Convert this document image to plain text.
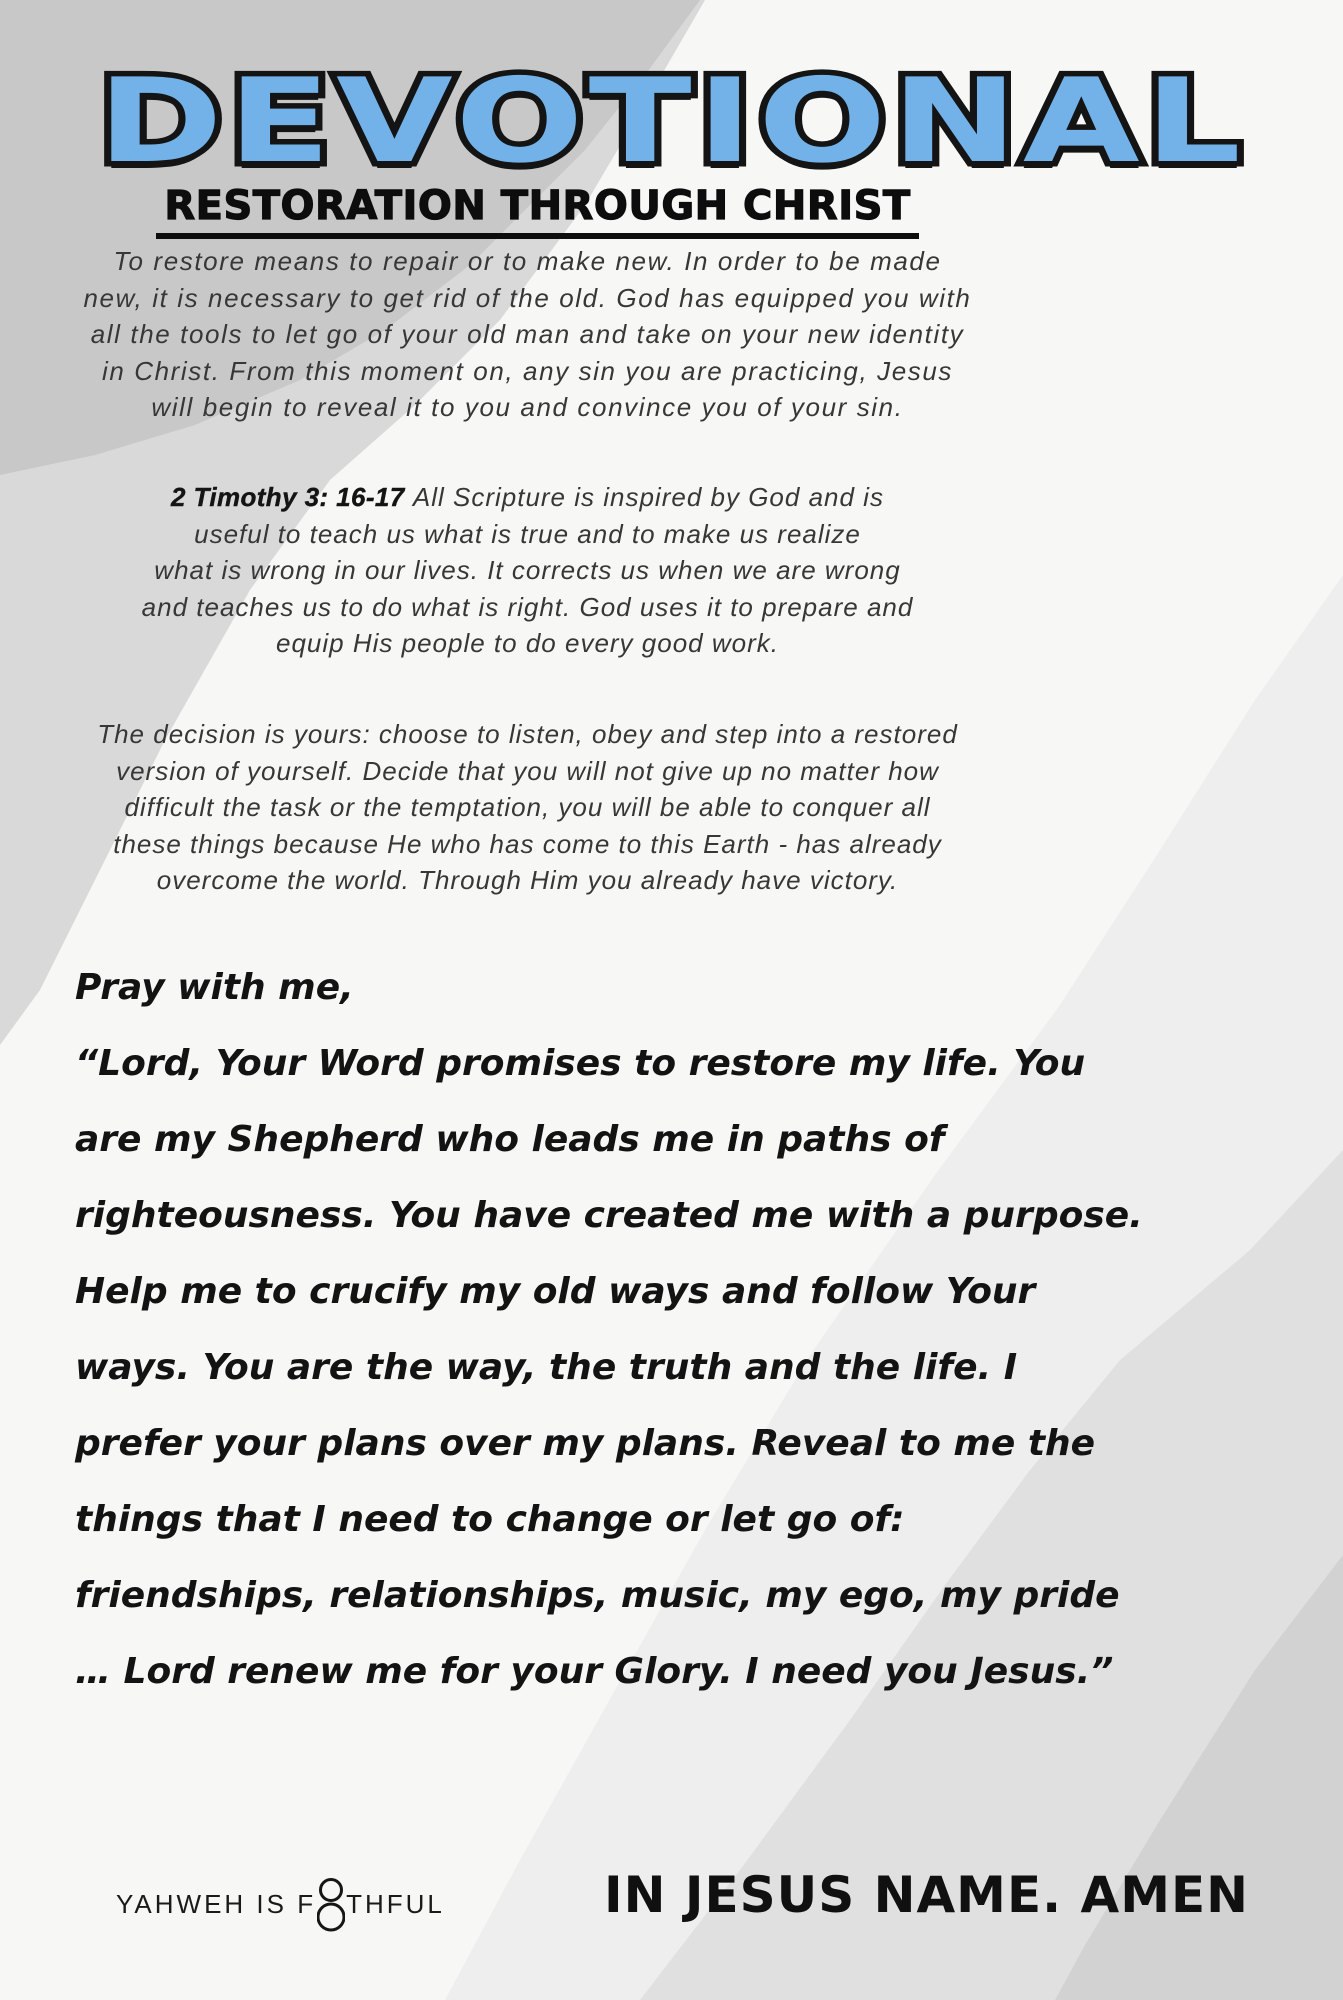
DEVOTIONAL
RESTORATION THROUGH CHRIST
To restore means to repair or to make new. In order to be made
new, it is necessary to get rid of the old. God has equipped you with
all the tools to let go of your old man and take on your new identity
in Christ. From this moment on, any sin you are practicing, Jesus
will begin to reveal it to you and convince you of your sin.
2 Timothy 3: 16-17
All Scripture is inspired by God and is
useful to teach us what is true and to make us realize
what is wrong in our lives. It corrects us when we are wrong
and teaches us to do what is right. God uses it to prepare and
equip His people to do every good work.
The decision is yours: choose to listen, obey and step into a restored
version of yourself. Decide that you will not give up no matter how
difficult the task or the temptation, you will be able to conquer all
these things because He who has come to this Earth - has already
overcome the world. Through Him you already have victory.
Pray with me,
“Lord, Your Word promises to restore my life. You
are my Shepherd who leads me in paths of
righteousness. You have created me with a purpose.
Help me to crucify my old ways and follow Your
ways. You are the way, the truth and the life. I
prefer your plans over my plans. Reveal to me the
things that I need to change or let go of:
friendships, relationships, music, my ego, my pride
… Lord renew me for your Glory. I need you Jesus.”
YAHWEH IS F THFUL	IN JESUS NAME. AMEN
